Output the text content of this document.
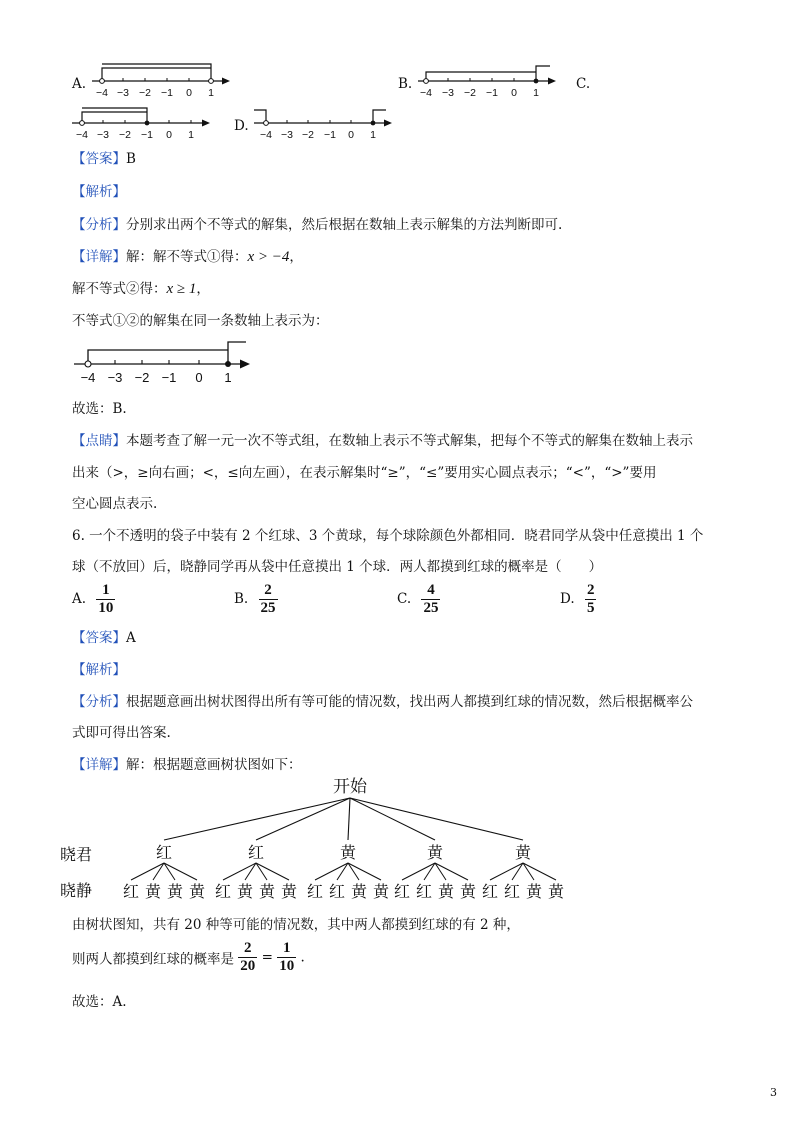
A.
−4 −3 −2 −1 0 1
B.
−4 −3 −2 −1 0 1
C.
−4 −3 −2 −1 0 1
D.
−4 −3 −2 −1 0 1
【答案】B
【解析】
【分析】分别求出两个不等式的解集，然后根据在数轴上表示解集的方法判断即可.
【详解】解：解不等式①得：x > −4，
解不等式②得：x ≥ 1，
不等式①②的解集在同一条数轴上表示为：
−4 −3 −2 −1 0 1
故选：B.
【点睛】本题考查了解一元一次不等式组，在数轴上表示不等式解集，把每个不等式的解集在数轴上表示
出来（>，≥向右画；<，≤向左画），在表示解集时“≥”，“≤”要用实心圆点表示；“<”，“>”要用
空心圆点表示.
6. 一个不透明的袋子中装有 2 个红球、3 个黄球，每个球除颜色外都相同．晓君同学从袋中任意摸出 1 个
球（不放回）后，晓静同学再从袋中任意摸出 1 个球．两人都摸到红球的概率是（　　）
A. $\frac{1}{10}$	B. $\frac{2}{25}$	C. $\frac{4}{25}$	D. $\frac{2}{5}$
【答案】A
【解析】
【分析】根据题意画出树状图得出所有等可能的情况数，找出两人都摸到红球的情况数，然后根据概率公
式即可得出答案.
【详解】解：根据题意画树状图如下：
开始
晓君
晓静
红
红 黄 黄 黄
红
红 黄 黄 黄
黄
红 红 黄 黄
黄
红 红 黄 黄
黄
红 红 黄 黄
由树状图知，共有 20 种等可能的情况数，其中两人都摸到红球的有 2 种，
则两人都摸到红球的概率是 $\frac{2}{20} = \frac{1}{10}$ .
故选：A.
3
